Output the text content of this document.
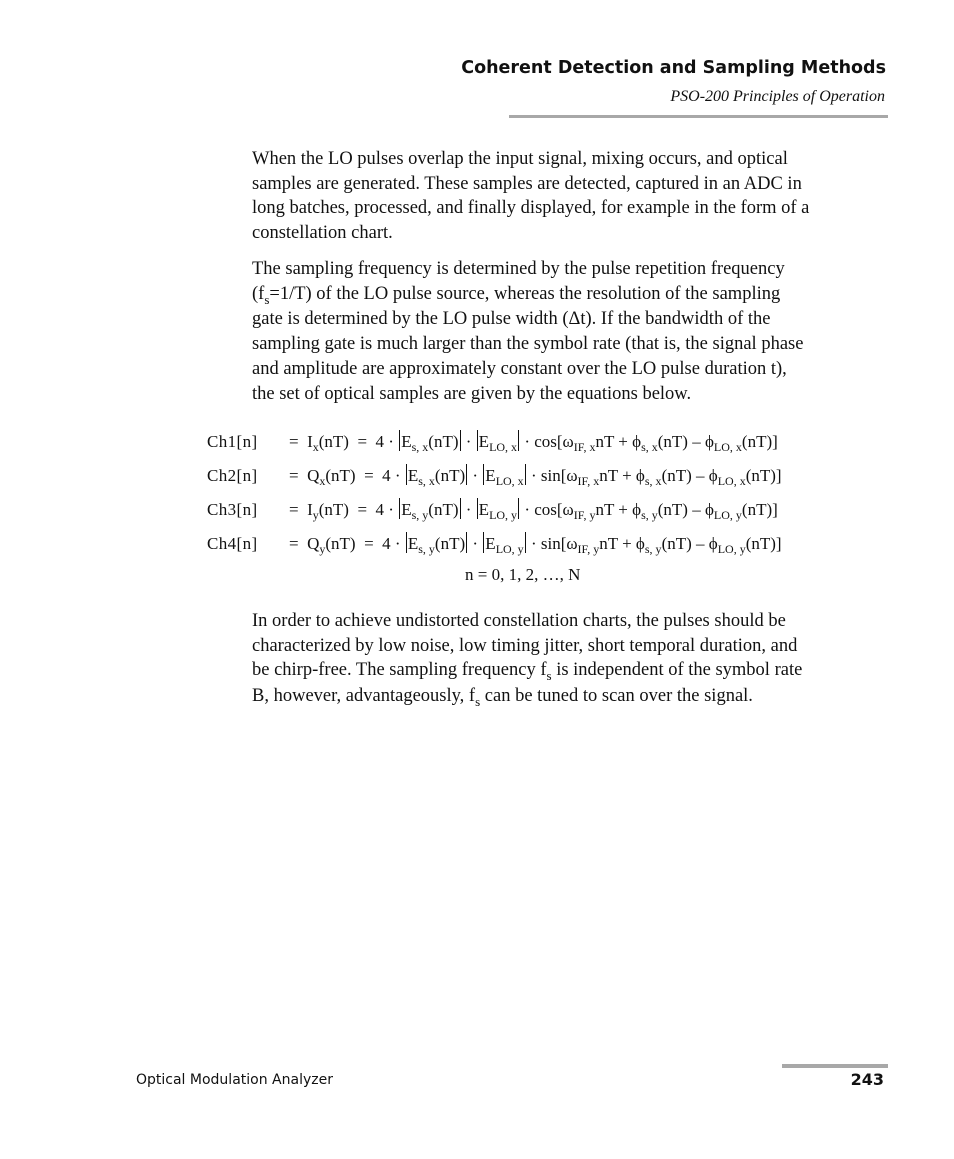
Coherent Detection and Sampling Methods
PSO-200 Principles of Operation

When the LO pulses overlap the input signal, mixing occurs, and optical
samples are generated. These samples are detected, captured in an ADC in
long batches, processed, and finally displayed, for example in the form of a
constellation chart.

The sampling frequency is determined by the pulse repetition frequency
$(f_s=1/T)$ of the LO pulse source, whereas the resolution of the sampling
gate is determined by the LO pulse width (Δt). If the bandwidth of the
sampling gate is much larger than the symbol rate (that is, the signal phase
and amplitude are approximately constant over the LO pulse duration t),
the set of optical samples are given by the equations below.

$Ch1[n] = I_x(nT) = 4 \cdot E_{s, x}(nT) \cdot E_{LO, x} \cdot \cos[\omega_{IF, x}nT + \phi_{s, x}(nT) - \phi_{LO, x}(nT)]$
$Ch2[n] = Q_x(nT) = 4 \cdot E_{s, x}(nT) \cdot E_{LO, x} \cdot \sin[\omega_{IF, x}nT + \phi_{s, x}(nT) - \phi_{LO, x}(nT)]$
$Ch3[n] = I_y(nT) = 4 \cdot E_{s, y}(nT) \cdot E_{LO, y} \cdot \cos[\omega_{IF, y}nT + \phi_{s, y}(nT) - \phi_{LO, y}(nT)]$
$Ch4[n] = Q_y(nT) = 4 \cdot E_{s, y}(nT) \cdot E_{LO, y} \cdot \sin[\omega_{IF, y}nT + \phi_{s, y}(nT) - \phi_{LO, y}(nT)]$
n = 0, 1, 2, …, N

In order to achieve undistorted constellation charts, the pulses should be
characterized by low noise, low timing jitter, short temporal duration, and
be chirp-free. The sampling frequency $f_s$ is independent of the symbol rate
B, however, advantageously, $f_s$ can be tuned to scan over the signal.

Optical Modulation Analyzer	243
